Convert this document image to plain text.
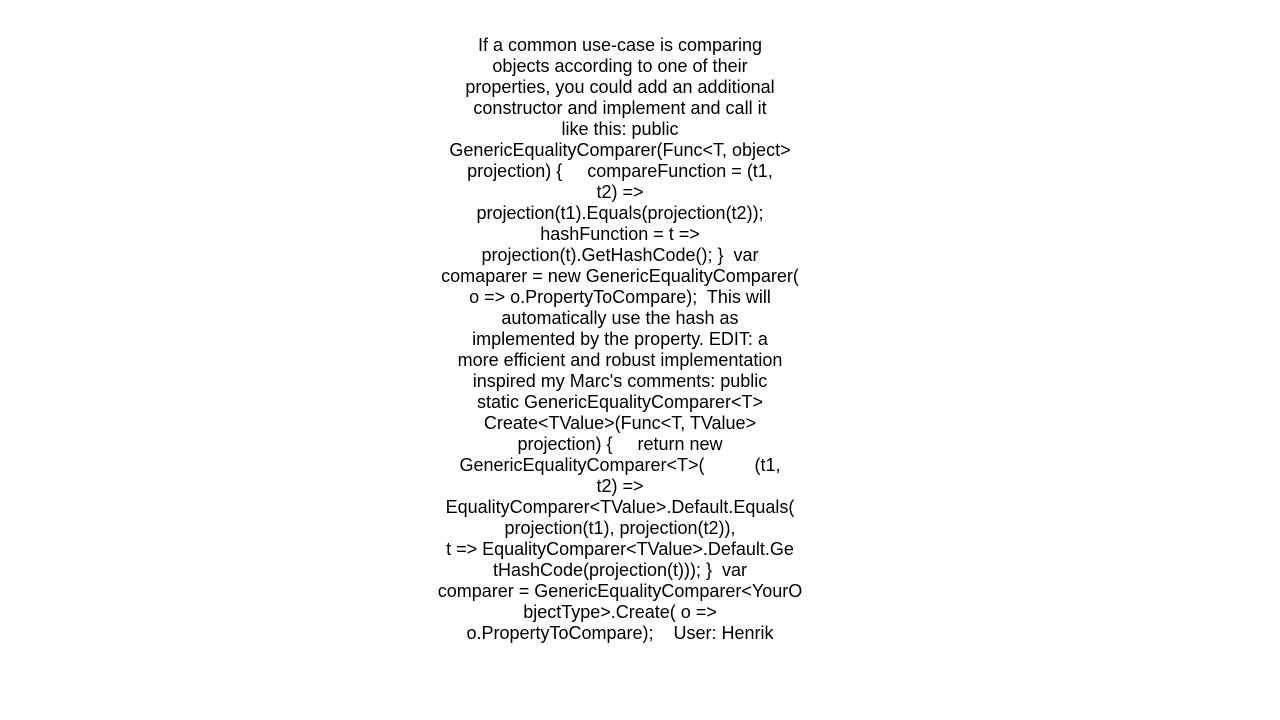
If a common use-case is comparing
objects according to one of their
properties, you could add an additional
constructor and implement and call it
like this: public
GenericEqualityComparer(Func<T, object>
projection) {     compareFunction = (t1,
t2) =>
projection(t1).Equals(projection(t2));
hashFunction = t =>
projection(t).GetHashCode(); }  var
comaparer = new GenericEqualityComparer(
o => o.PropertyToCompare);  This will
automatically use the hash as
implemented by the property. EDIT: a
more efficient and robust implementation
inspired my Marc's comments: public
static GenericEqualityComparer<T>
Create<TValue>(Func<T, TValue>
projection) {     return new
GenericEqualityComparer<T>(          (t1,
t2) =>
EqualityComparer<TValue>.Default.Equals(
projection(t1), projection(t2)),
t => EqualityComparer<TValue>.Default.Ge
tHashCode(projection(t))); }  var
comparer = GenericEqualityComparer<YourO
bjectType>.Create( o =>
o.PropertyToCompare);    User: Henrik
